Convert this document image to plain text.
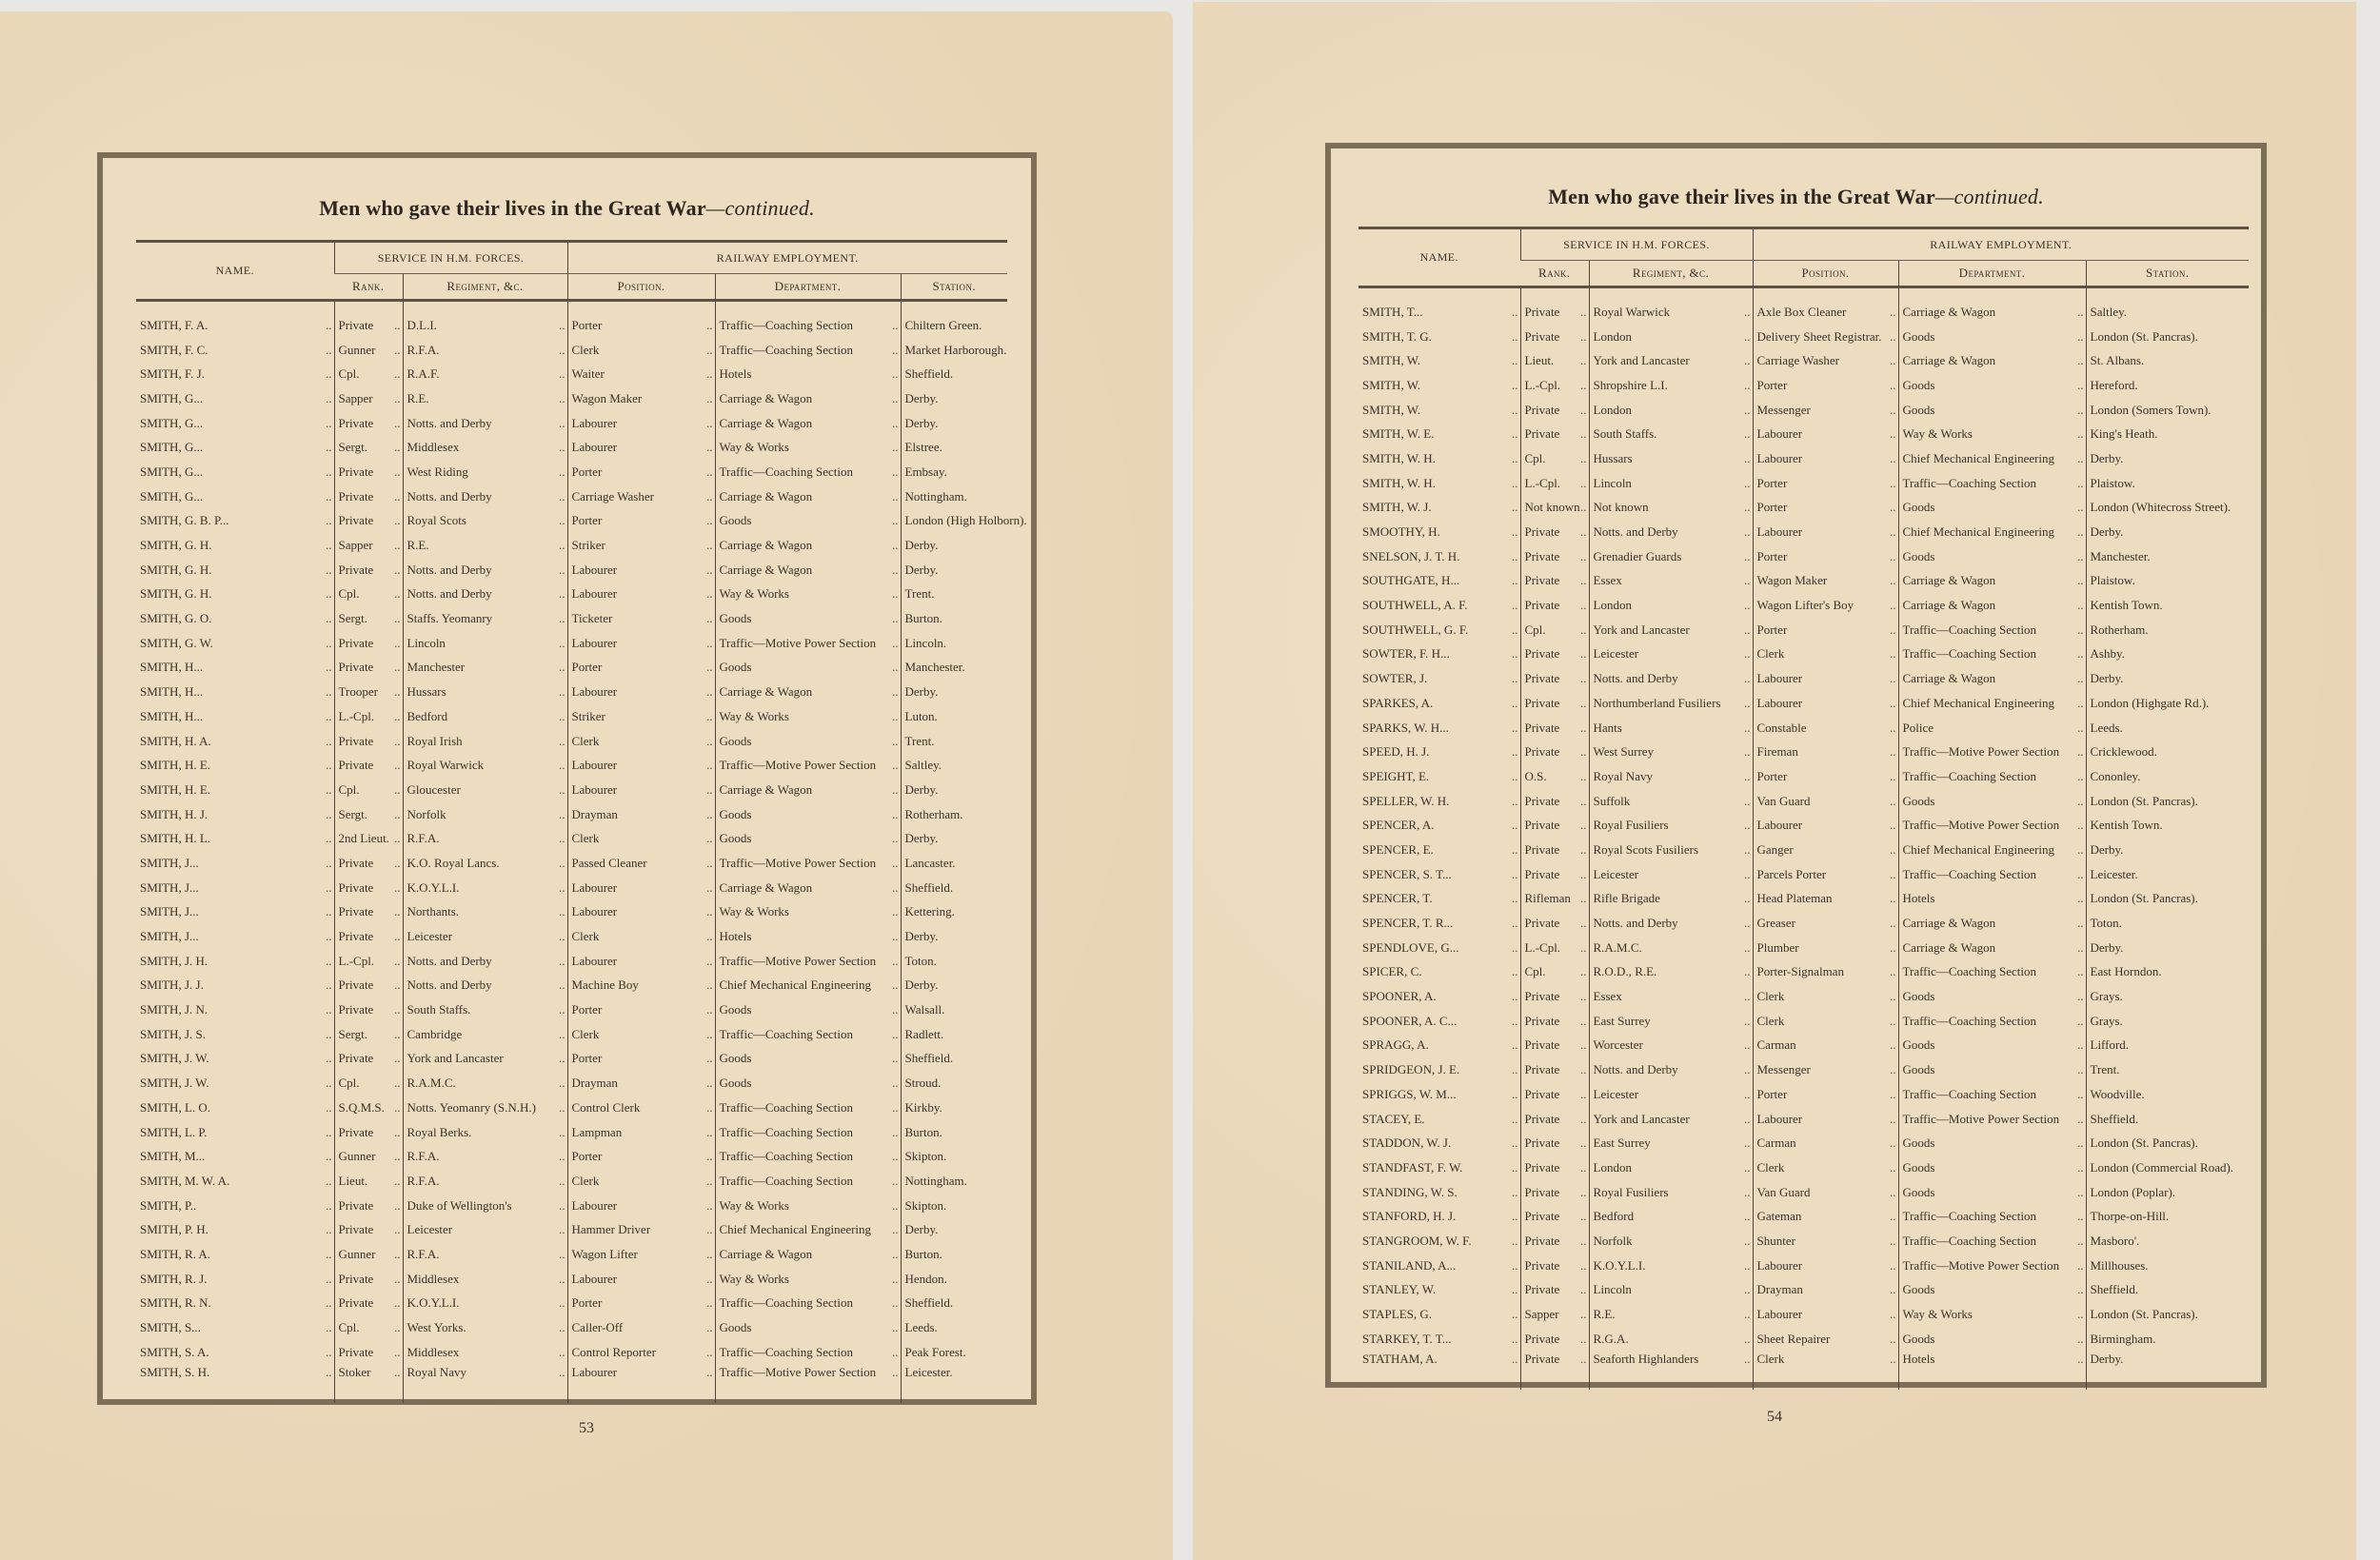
Men who gave their lives in the Great War—continued.
NAME.	SERVICE IN H.M. FORCES.		RAILWAY EMPLOYMENT.		
	Rank.	Regiment, &c.	Position.	Department.	Station.
SMITH, F. A. ..	Private ..	D.L.I. ..	Porter ..	Traffic—Coaching Section ..	Chiltern Green.
SMITH, F. C. ..	Gunner ..	R.F.A. ..	Clerk ..	Traffic—Coaching Section ..	Market Harborough.
SMITH, F. J. ..	Cpl. ..	R.A.F. ..	Waiter ..	Hotels ..	Sheffield.
SMITH, G... ..	Sapper ..	R.E. ..	Wagon Maker ..	Carriage & Wagon ..	Derby.
SMITH, G... ..	Private ..	Notts. and Derby ..	Labourer ..	Carriage & Wagon ..	Derby.
SMITH, G... ..	Sergt. ..	Middlesex ..	Labourer ..	Way & Works ..	Elstree.
SMITH, G... ..	Private ..	West Riding ..	Porter ..	Traffic—Coaching Section ..	Embsay.
SMITH, G... ..	Private ..	Notts. and Derby ..	Carriage Washer ..	Carriage & Wagon ..	Nottingham.
SMITH, G. B. P... ..	Private ..	Royal Scots ..	Porter ..	Goods ..	London (High Holborn).
SMITH, G. H. ..	Sapper ..	R.E. ..	Striker ..	Carriage & Wagon ..	Derby.
SMITH, G. H. ..	Private ..	Notts. and Derby ..	Labourer ..	Carriage & Wagon ..	Derby.
SMITH, G. H. ..	Cpl. ..	Notts. and Derby ..	Labourer ..	Way & Works ..	Trent.
SMITH, G. O. ..	Sergt. ..	Staffs. Yeomanry ..	Ticketer ..	Goods ..	Burton.
SMITH, G. W. ..	Private ..	Lincoln ..	Labourer ..	Traffic—Motive Power Section ..	Lincoln.
SMITH, H... ..	Private ..	Manchester ..	Porter ..	Goods ..	Manchester.
SMITH, H... ..	Trooper ..	Hussars ..	Labourer ..	Carriage & Wagon ..	Derby.
SMITH, H... ..	L.-Cpl. ..	Bedford ..	Striker ..	Way & Works ..	Luton.
SMITH, H. A. ..	Private ..	Royal Irish ..	Clerk ..	Goods ..	Trent.
SMITH, H. E. ..	Private ..	Royal Warwick ..	Labourer ..	Traffic—Motive Power Section ..	Saltley.
SMITH, H. E. ..	Cpl. ..	Gloucester ..	Labourer ..	Carriage & Wagon ..	Derby.
SMITH, H. J. ..	Sergt. ..	Norfolk ..	Drayman ..	Goods ..	Rotherham.
SMITH, H. L. ..	2nd Lieut. ..	R.F.A. ..	Clerk ..	Goods ..	Derby.
SMITH, J... ..	Private ..	K.O. Royal Lancs. ..	Passed Cleaner ..	Traffic—Motive Power Section ..	Lancaster.
SMITH, J... ..	Private ..	K.O.Y.L.I. ..	Labourer ..	Carriage & Wagon ..	Sheffield.
SMITH, J... ..	Private ..	Northants. ..	Labourer ..	Way & Works ..	Kettering.
SMITH, J... ..	Private ..	Leicester ..	Clerk ..	Hotels ..	Derby.
SMITH, J. H. ..	L.-Cpl. ..	Notts. and Derby ..	Labourer ..	Traffic—Motive Power Section ..	Toton.
SMITH, J. J. ..	Private ..	Notts. and Derby ..	Machine Boy ..	Chief Mechanical Engineering ..	Derby.
SMITH, J. N. ..	Private ..	South Staffs. ..	Porter ..	Goods ..	Walsall.
SMITH, J. S. ..	Sergt. ..	Cambridge ..	Clerk ..	Traffic—Coaching Section ..	Radlett.
SMITH, J. W. ..	Private ..	York and Lancaster ..	Porter ..	Goods ..	Sheffield.
SMITH, J. W. ..	Cpl. ..	R.A.M.C. ..	Drayman ..	Goods ..	Stroud.
SMITH, L. O. ..	S.Q.M.S. ..	Notts. Yeomanry (S.N.H.) ..	Control Clerk ..	Traffic—Coaching Section ..	Kirkby.
SMITH, L. P. ..	Private ..	Royal Berks. ..	Lampman ..	Traffic—Coaching Section ..	Burton.
SMITH, M... ..	Gunner ..	R.F.A. ..	Porter ..	Traffic—Coaching Section ..	Skipton.
SMITH, M. W. A. ..	Lieut. ..	R.F.A. ..	Clerk ..	Traffic—Coaching Section ..	Nottingham.
SMITH, P.. ..	Private ..	Duke of Wellington's ..	Labourer ..	Way & Works ..	Skipton.
SMITH, P. H. ..	Private ..	Leicester ..	Hammer Driver ..	Chief Mechanical Engineering ..	Derby.
SMITH, R. A. ..	Gunner ..	R.F.A. ..	Wagon Lifter ..	Carriage & Wagon ..	Burton.
SMITH, R. J. ..	Private ..	Middlesex ..	Labourer ..	Way & Works ..	Hendon.
SMITH, R. N. ..	Private ..	K.O.Y.L.I. ..	Porter ..	Traffic—Coaching Section ..	Sheffield.
SMITH, S... ..	Cpl. ..	West Yorks. ..	Caller-Off ..	Goods ..	Leeds.
SMITH, S. A. ..	Private ..	Middlesex ..	Control Reporter ..	Traffic—Coaching Section ..	Peak Forest.
SMITH, S. H. ..	Stoker ..	Royal Navy ..	Labourer ..	Traffic—Motive Power Section ..	Leicester.
53
Men who gave their lives in the Great War—continued.
NAME.	SERVICE IN H.M. FORCES.		RAILWAY EMPLOYMENT.		
	Rank.	Regiment, &c.	Position.	Department.	Station.
SMITH, T... ..	Private ..	Royal Warwick ..	Axle Box Cleaner ..	Carriage & Wagon ..	Saltley.
SMITH, T. G. ..	Private ..	London ..	Delivery Sheet Registrar. ..	Goods ..	London (St. Pancras).
SMITH, W. ..	Lieut. ..	York and Lancaster ..	Carriage Washer ..	Carriage & Wagon ..	St. Albans.
SMITH, W. ..	L.-Cpl. ..	Shropshire L.I. ..	Porter ..	Goods ..	Hereford.
SMITH, W. ..	Private ..	London ..	Messenger ..	Goods ..	London (Somers Town).
SMITH, W. E. ..	Private ..	South Staffs. ..	Labourer ..	Way & Works ..	King's Heath.
SMITH, W. H. ..	Cpl. ..	Hussars ..	Labourer ..	Chief Mechanical Engineering ..	Derby.
SMITH, W. H. ..	L.-Cpl. ..	Lincoln ..	Porter ..	Traffic—Coaching Section ..	Plaistow.
SMITH, W. J. ..	Not known ..	Not known ..	Porter ..	Goods ..	London (Whitecross Street).
SMOOTHY, H. ..	Private ..	Notts. and Derby ..	Labourer ..	Chief Mechanical Engineering ..	Derby.
SNELSON, J. T. H. ..	Private ..	Grenadier Guards ..	Porter ..	Goods ..	Manchester.
SOUTHGATE, H... ..	Private ..	Essex ..	Wagon Maker ..	Carriage & Wagon ..	Plaistow.
SOUTHWELL, A. F. ..	Private ..	London ..	Wagon Lifter's Boy ..	Carriage & Wagon ..	Kentish Town.
SOUTHWELL, G. F. ..	Cpl. ..	York and Lancaster ..	Porter ..	Traffic—Coaching Section ..	Rotherham.
SOWTER, F. H... ..	Private ..	Leicester ..	Clerk ..	Traffic—Coaching Section ..	Ashby.
SOWTER, J. ..	Private ..	Notts. and Derby ..	Labourer ..	Carriage & Wagon ..	Derby.
SPARKES, A. ..	Private ..	Northumberland Fusiliers ..	Labourer ..	Chief Mechanical Engineering ..	London (Highgate Rd.).
SPARKS, W. H... ..	Private ..	Hants ..	Constable ..	Police ..	Leeds.
SPEED, H. J. ..	Private ..	West Surrey ..	Fireman ..	Traffic—Motive Power Section ..	Cricklewood.
SPEIGHT, E. ..	O.S. ..	Royal Navy ..	Porter ..	Traffic—Coaching Section ..	Cononley.
SPELLER, W. H. ..	Private ..	Suffolk ..	Van Guard ..	Goods ..	London (St. Pancras).
SPENCER, A. ..	Private ..	Royal Fusiliers ..	Labourer ..	Traffic—Motive Power Section ..	Kentish Town.
SPENCER, E. ..	Private ..	Royal Scots Fusiliers ..	Ganger ..	Chief Mechanical Engineering ..	Derby.
SPENCER, S. T... ..	Private ..	Leicester ..	Parcels Porter ..	Traffic—Coaching Section ..	Leicester.
SPENCER, T. ..	Rifleman ..	Rifle Brigade ..	Head Plateman ..	Hotels ..	London (St. Pancras).
SPENCER, T. R... ..	Private ..	Notts. and Derby ..	Greaser ..	Carriage & Wagon ..	Toton.
SPENDLOVE, G... ..	L.-Cpl. ..	R.A.M.C. ..	Plumber ..	Carriage & Wagon ..	Derby.
SPICER, C. ..	Cpl. ..	R.O.D., R.E. ..	Porter-Signalman ..	Traffic—Coaching Section ..	East Horndon.
SPOONER, A. ..	Private ..	Essex ..	Clerk ..	Goods ..	Grays.
SPOONER, A. C... ..	Private ..	East Surrey ..	Clerk ..	Traffic—Coaching Section ..	Grays.
SPRAGG, A. ..	Private ..	Worcester ..	Carman ..	Goods ..	Lifford.
SPRIDGEON, J. E. ..	Private ..	Notts. and Derby ..	Messenger ..	Goods ..	Trent.
SPRIGGS, W. M... ..	Private ..	Leicester ..	Porter ..	Traffic—Coaching Section ..	Woodville.
STACEY, E. ..	Private ..	York and Lancaster ..	Labourer ..	Traffic—Motive Power Section ..	Sheffield.
STADDON, W. J. ..	Private ..	East Surrey ..	Carman ..	Goods ..	London (St. Pancras).
STANDFAST, F. W. ..	Private ..	London ..	Clerk ..	Goods ..	London (Commercial Road).
STANDING, W. S. ..	Private ..	Royal Fusiliers ..	Van Guard ..	Goods ..	London (Poplar).
STANFORD, H. J. ..	Private ..	Bedford ..	Gateman ..	Traffic—Coaching Section ..	Thorpe-on-Hill.
STANGROOM, W. F. ..	Private ..	Norfolk ..	Shunter ..	Traffic—Coaching Section ..	Masboro'.
STANILAND, A... ..	Private ..	K.O.Y.L.I. ..	Labourer ..	Traffic—Motive Power Section ..	Millhouses.
STANLEY, W. ..	Private ..	Lincoln ..	Drayman ..	Goods ..	Sheffield.
STAPLES, G. ..	Sapper ..	R.E. ..	Labourer ..	Way & Works ..	London (St. Pancras).
STARKEY, T. T... ..	Private ..	R.G.A. ..	Sheet Repairer ..	Goods ..	Birmingham.
STATHAM, A. ..	Private ..	Seaforth Highlanders ..	Clerk ..	Hotels ..	Derby.
54
